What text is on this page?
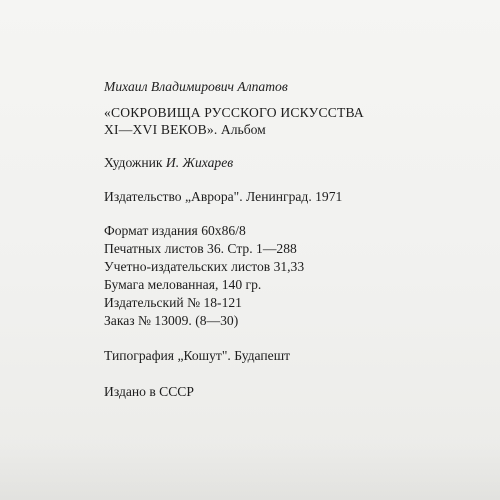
Михаил Владимирович Алпатов
«СОКРОВИЩА РУССКОГО ИСКУССТВА
XI—XVI ВЕКОВ». Альбом
Художник И. Жихарев
Издательство „Аврора". Ленинград. 1971
Формат издания 60x86/8
Печатных листов 36. Стр. 1—288
Учетно-издательских листов 31,33
Бумага мелованная, 140 гр.
Издательский № 18-121
Заказ № 13009. (8—30)
Типография „Кошут". Будапешт
Издано в СССР
